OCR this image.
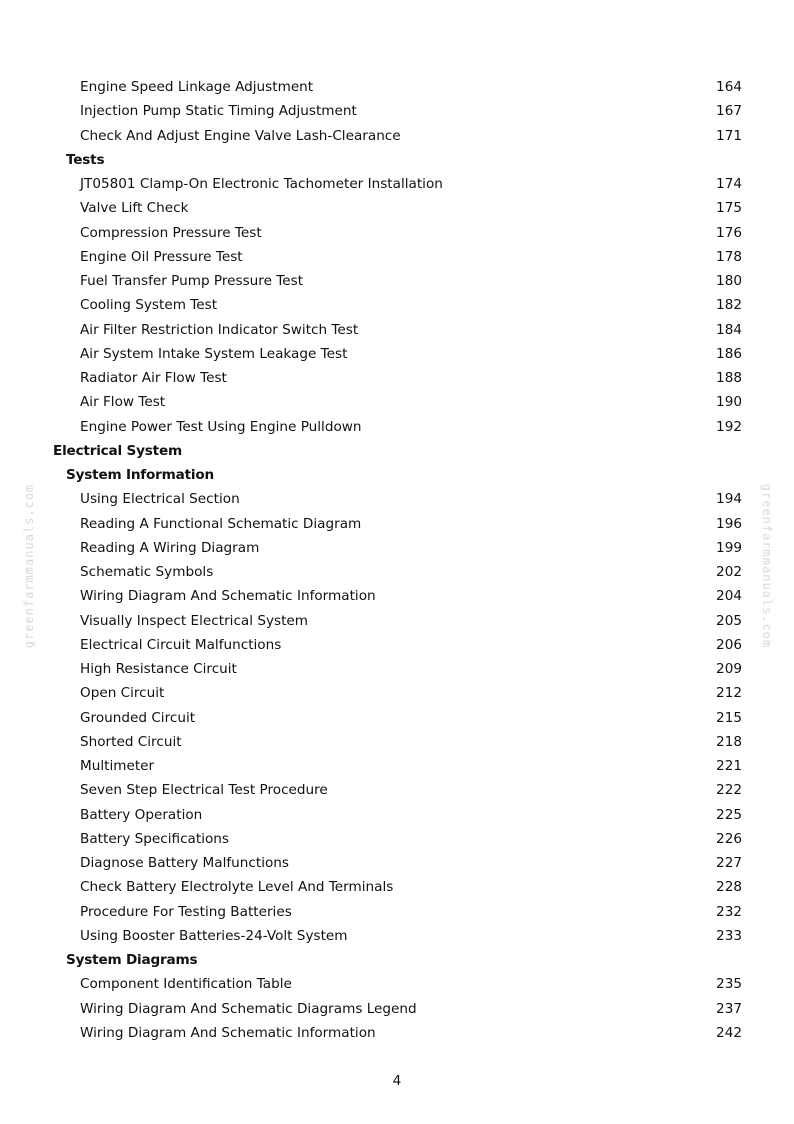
Engine Speed Linkage Adjustment	164
Injection Pump Static Timing Adjustment	167
Check And Adjust Engine Valve Lash-Clearance	171
Tests
JT05801 Clamp-On Electronic Tachometer Installation	174
Valve Lift Check	175
Compression Pressure Test	176
Engine Oil Pressure Test	178
Fuel Transfer Pump Pressure Test	180
Cooling System Test	182
Air Filter Restriction Indicator Switch Test	184
Air System Intake System Leakage Test	186
Radiator Air Flow Test	188
Air Flow Test	190
Engine Power Test Using Engine Pulldown	192
Electrical System
System Information
Using Electrical Section	194
Reading A Functional Schematic Diagram	196
Reading A Wiring Diagram	199
Schematic Symbols	202
Wiring Diagram And Schematic Information	204
Visually Inspect Electrical System	205
Electrical Circuit Malfunctions	206
High Resistance Circuit	209
Open Circuit	212
Grounded Circuit	215
Shorted Circuit	218
Multimeter	221
Seven Step Electrical Test Procedure	222
Battery Operation	225
Battery Specifications	226
Diagnose Battery Malfunctions	227
Check Battery Electrolyte Level And Terminals	228
Procedure For Testing Batteries	232
Using Booster Batteries-24-Volt System	233
System Diagrams
Component Identification Table	235
Wiring Diagram And Schematic Diagrams Legend	237
Wiring Diagram And Schematic Information	242
greenfarmmanuals.com	greenfarmmanuals.com
4
